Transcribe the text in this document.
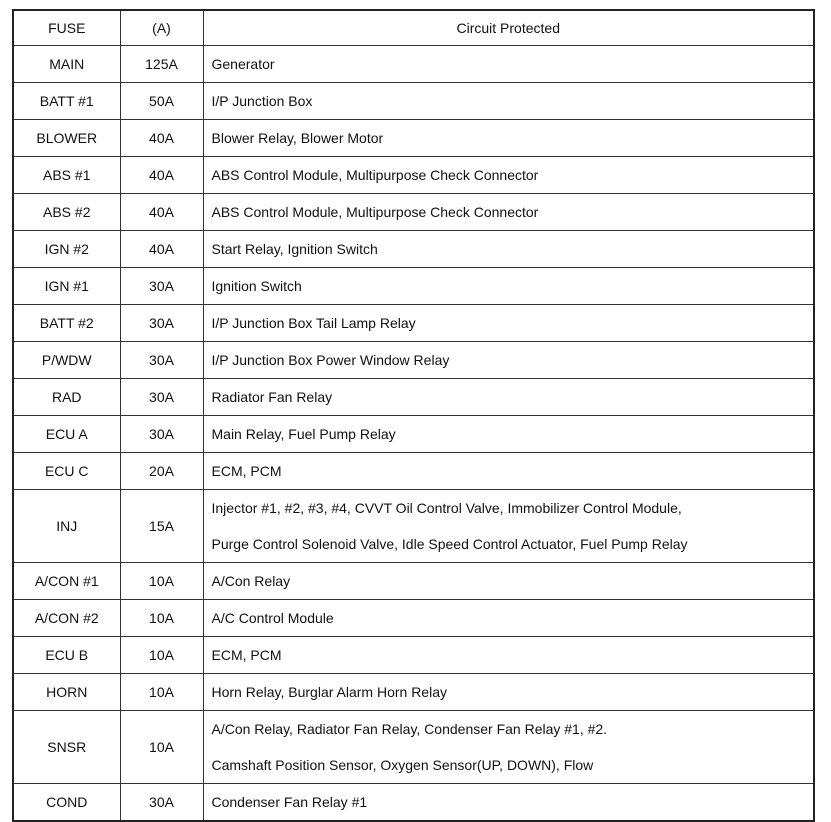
FUSE	(A)	Circuit Protected
MAIN	125A	Generator

BATT #1	50A	I/P Junction Box

BLOWER	40A	Blower Relay, Blower Motor

ABS #1	40A	ABS Control Module, Multipurpose Check Connector

ABS #2	40A	ABS Control Module, Multipurpose Check Connector

IGN #2	40A	Start Relay, Ignition Switch

IGN #1	30A	Ignition Switch

BATT #2	30A	I/P Junction Box Tail Lamp Relay

P/WDW	30A	I/P Junction Box Power Window Relay

RAD	30A	Radiator Fan Relay

ECU A	30A	Main Relay, Fuel Pump Relay

ECU C	20A	ECM, PCM

INJ	15A	Injector #1, #2, #3, #4, CVVT Oil Control Valve, Immobilizer Control Module,
Purge Control Solenoid Valve, Idle Speed Control Actuator, Fuel Pump Relay

A/CON #1	10A	A/Con Relay

A/CON #2	10A	A/C Control Module

ECU B	10A	ECM, PCM

HORN	10A	Horn Relay, Burglar Alarm Horn Relay

SNSR	10A	A/Con Relay, Radiator Fan Relay, Condenser Fan Relay #1, #2.
Camshaft Position Sensor, Oxygen Sensor(UP, DOWN), Flow

COND	30A	Condenser Fan Relay #1
